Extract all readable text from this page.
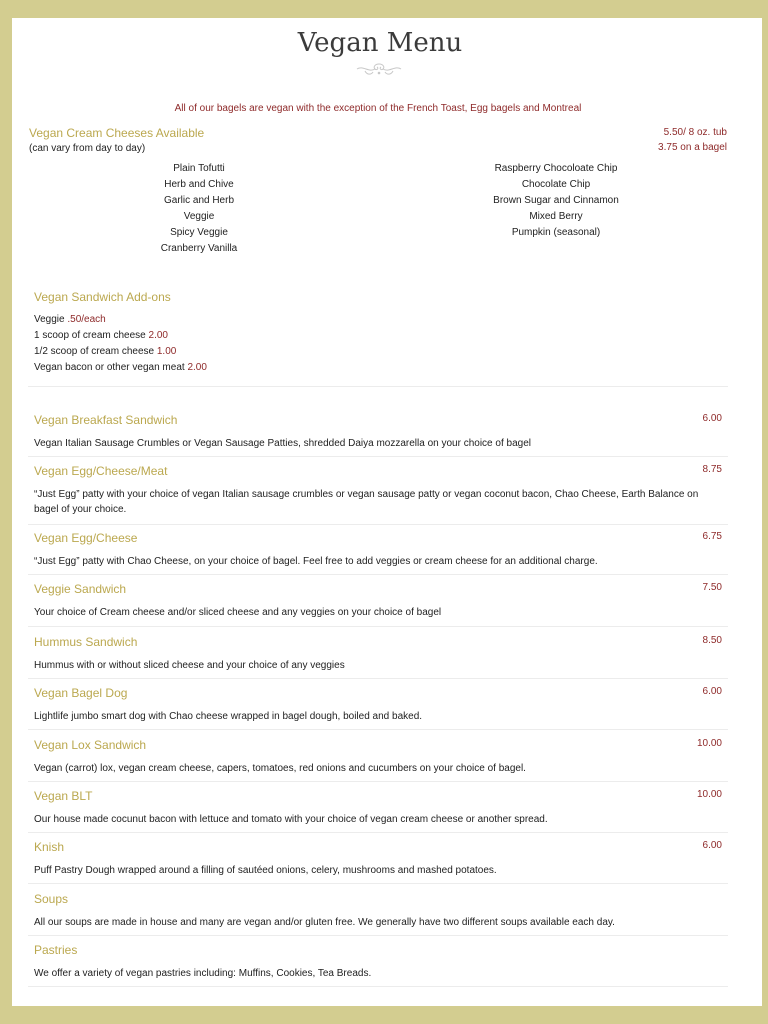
Vegan Menu
All of our bagels are vegan with the exception of the French Toast, Egg bagels and Montreal
Vegan Cream Cheeses Available
(can vary from day to day)
5.50/ 8 oz. tub
3.75 on a bagel
Plain Tofutti
Herb and Chive
Garlic and Herb
Veggie
Spicy Veggie
Cranberry Vanilla
Raspberry Chocoloate Chip
Chocolate Chip
Brown Sugar and Cinnamon
Mixed Berry
Pumpkin (seasonal)
Vegan Sandwich Add-ons
Veggie .50/each
1 scoop of cream cheese 2.00
1/2 scoop of cream cheese 1.00
Vegan bacon or other vegan meat 2.00
Vegan Breakfast Sandwich	6.00
Vegan Italian Sausage Crumbles or Vegan Sausage Patties, shredded Daiya mozzarella on your choice of bagel
Vegan Egg/Cheese/Meat	8.75
“Just Egg” patty with your choice of vegan Italian sausage crumbles or vegan sausage patty or vegan coconut bacon, Chao Cheese, Earth Balance on bagel of your choice.
Vegan Egg/Cheese	6.75
“Just Egg” patty with Chao Cheese, on your choice of bagel. Feel free to add veggies or cream cheese for an additional charge.
Veggie Sandwich	7.50
Your choice of Cream cheese and/or sliced cheese and any veggies on your choice of bagel
Hummus Sandwich	8.50
Hummus with or without sliced cheese and your choice of any veggies
Vegan Bagel Dog	6.00
Lightlife jumbo smart dog with Chao cheese wrapped in bagel dough, boiled and baked.
Vegan Lox Sandwich	10.00
Vegan (carrot) lox, vegan cream cheese, capers, tomatoes, red onions and cucumbers on your choice of bagel.
Vegan BLT	10.00
Our house made cocunut bacon with lettuce and tomato with your choice of vegan cream cheese or another spread.
Knish	6.00
Puff Pastry Dough wrapped around a filling of sautéed onions, celery, mushrooms and mashed potatoes.
Soups
All our soups are made in house and many are vegan and/or gluten free. We generally have two different soups available each day.
Pastries
We offer a variety of vegan pastries including: Muffins, Cookies, Tea Breads.
